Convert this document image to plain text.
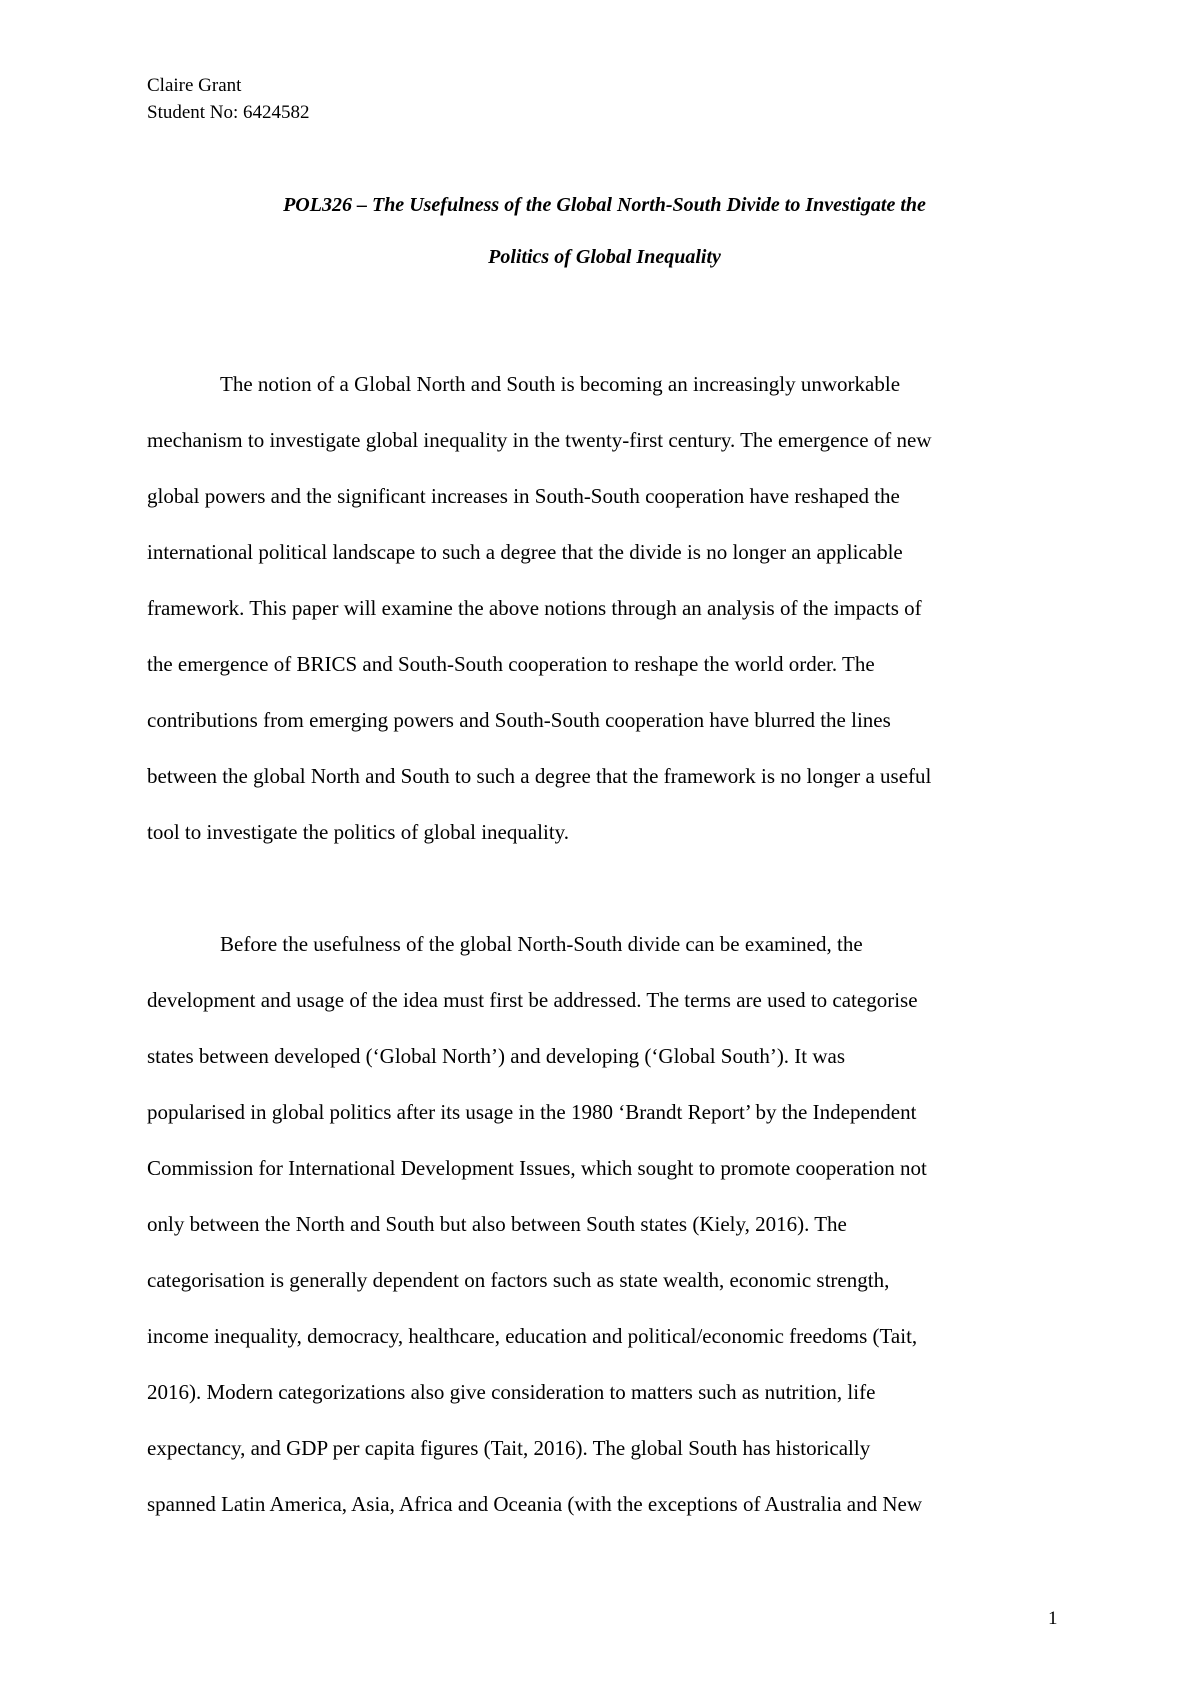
Claire Grant
Student No: 6424582
POL326 – The Usefulness of the Global North-South Divide to Investigate the
Politics of Global Inequality
The notion of a Global North and South is becoming an increasingly unworkable
mechanism to investigate global inequality in the twenty-first century. The emergence of new
global powers and the significant increases in South-South cooperation have reshaped the
international political landscape to such a degree that the divide is no longer an applicable
framework. This paper will examine the above notions through an analysis of the impacts of
the emergence of BRICS and South-South cooperation to reshape the world order. The
contributions from emerging powers and South-South cooperation have blurred the lines
between the global North and South to such a degree that the framework is no longer a useful
tool to investigate the politics of global inequality.
Before the usefulness of the global North-South divide can be examined, the
development and usage of the idea must first be addressed. The terms are used to categorise
states between developed (‘Global North’) and developing (‘Global South’). It was
popularised in global politics after its usage in the 1980 ‘Brandt Report’ by the Independent
Commission for International Development Issues, which sought to promote cooperation not
only between the North and South but also between South states (Kiely, 2016). The
categorisation is generally dependent on factors such as state wealth, economic strength,
income inequality, democracy, healthcare, education and political/economic freedoms (Tait,
2016). Modern categorizations also give consideration to matters such as nutrition, life
expectancy, and GDP per capita figures (Tait, 2016). The global South has historically
spanned Latin America, Asia, Africa and Oceania (with the exceptions of Australia and New
1
